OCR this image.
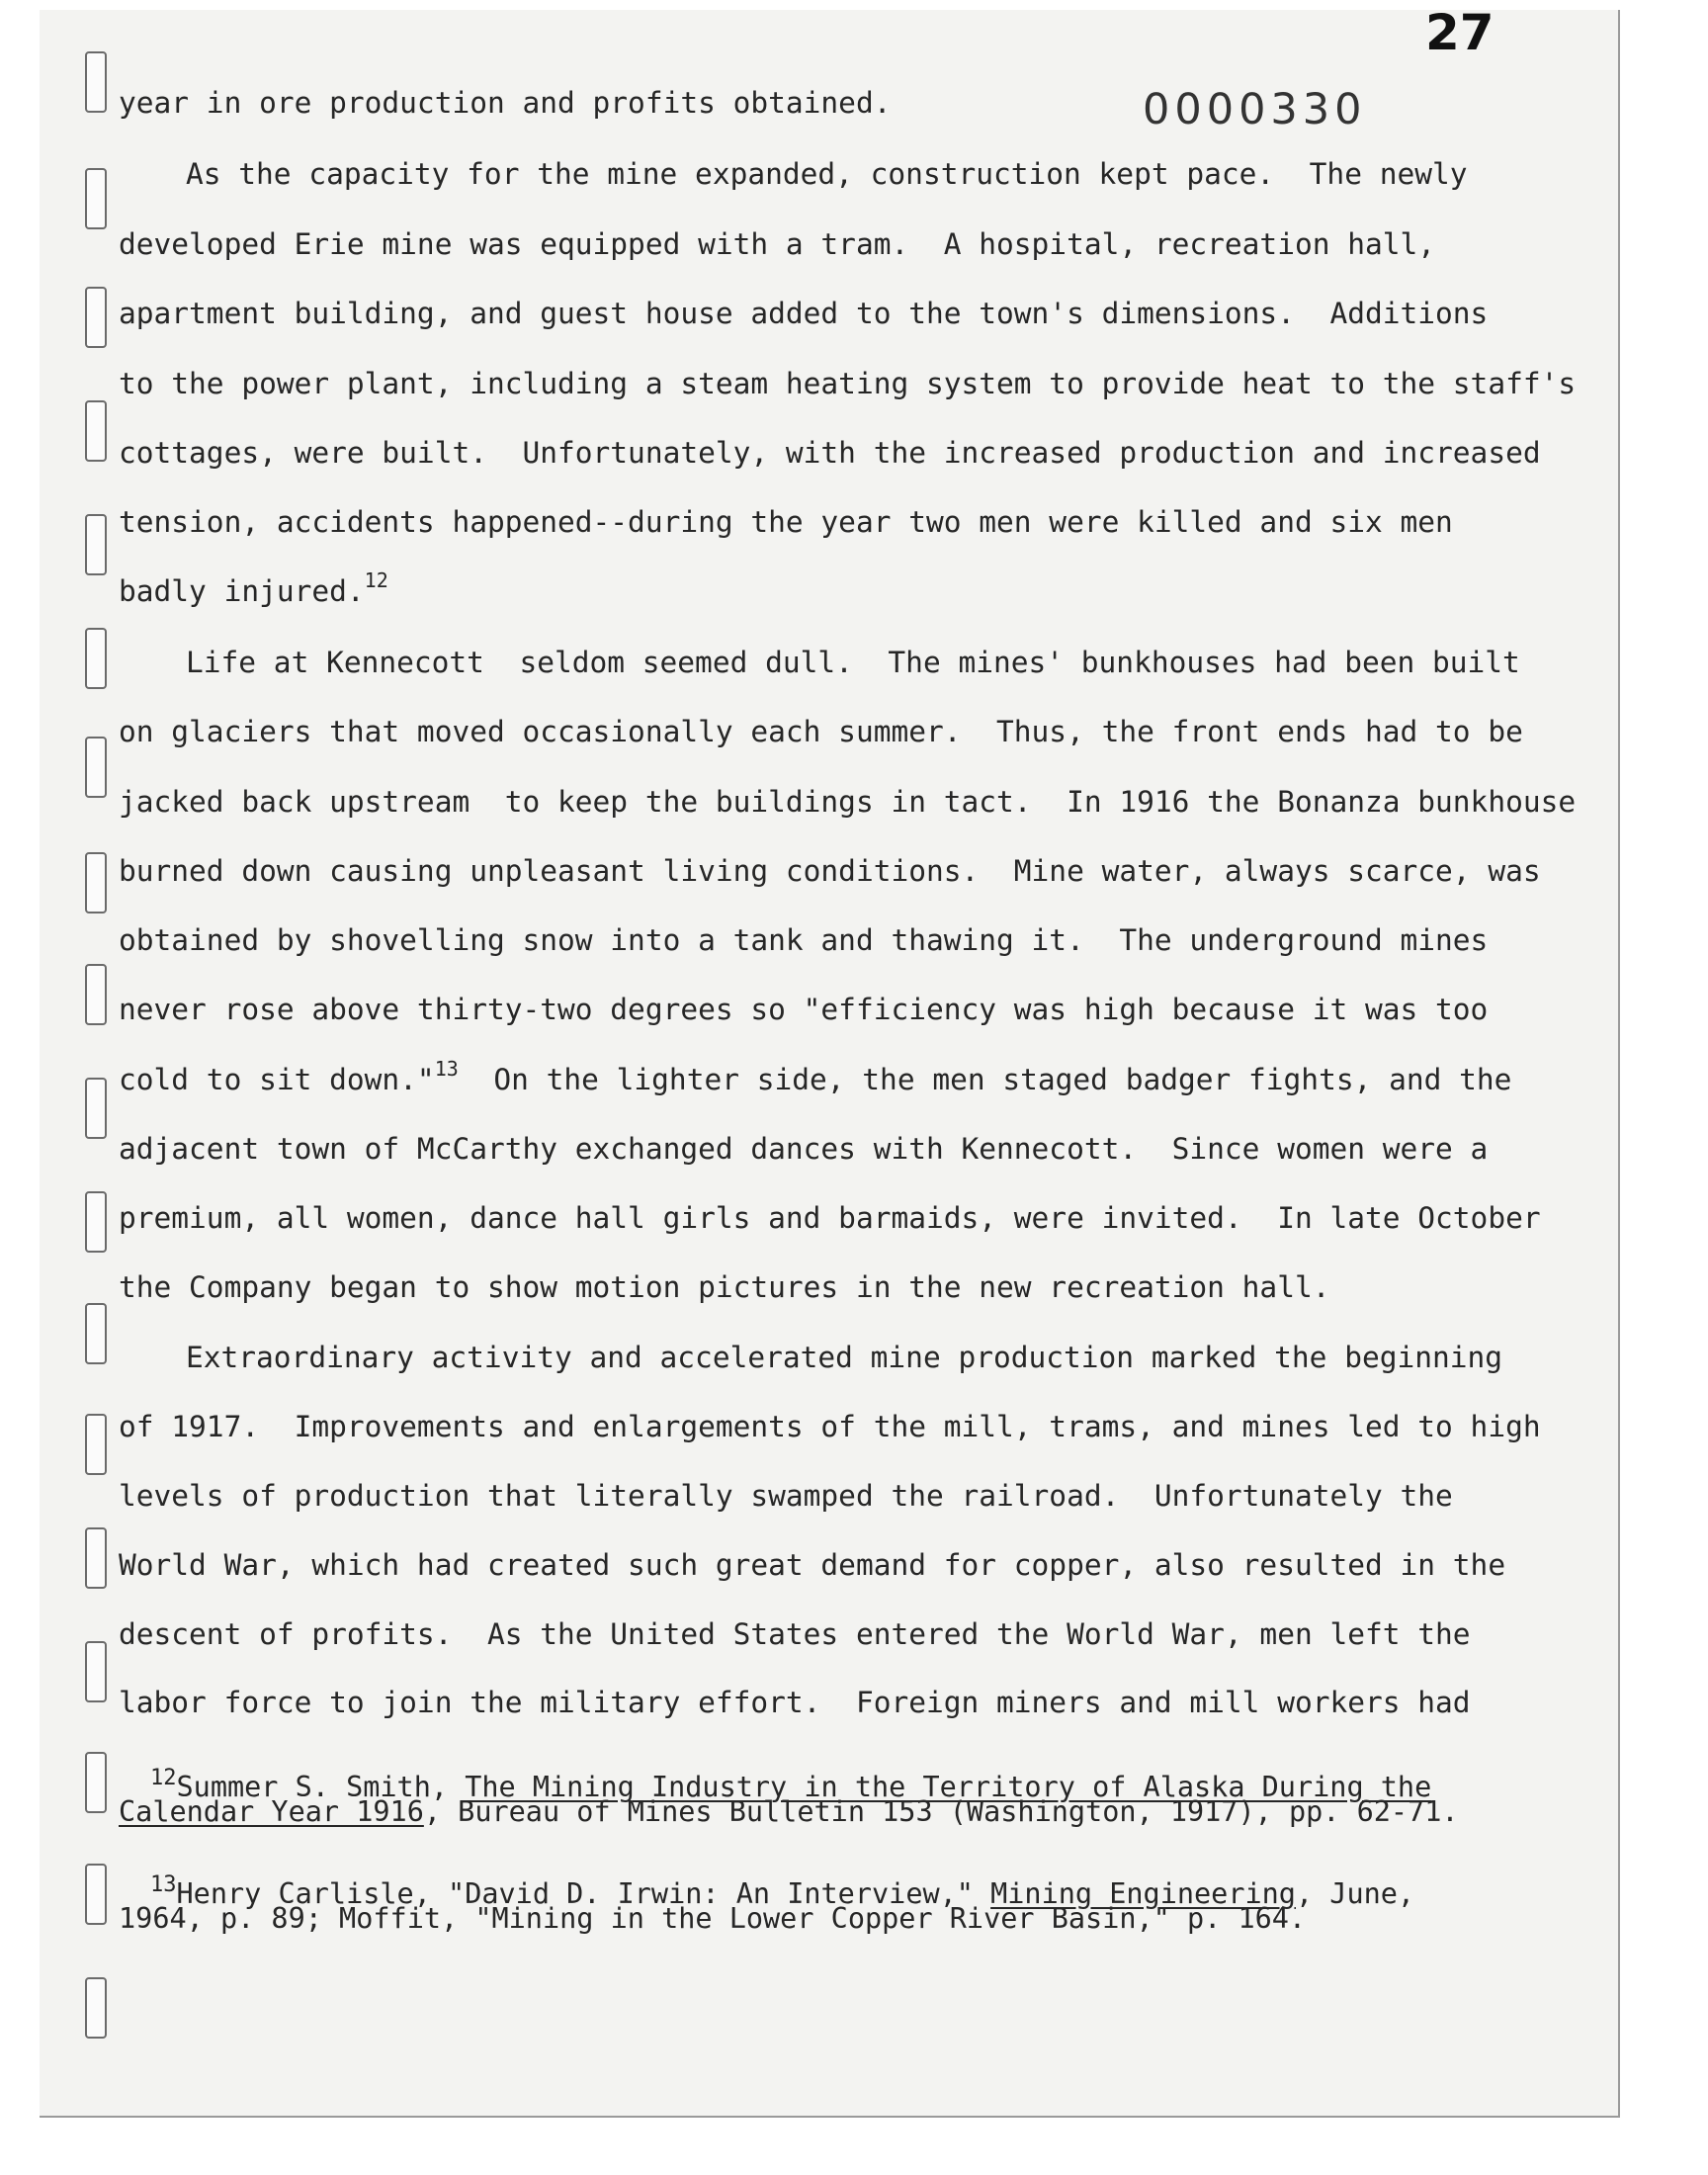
27
0000330
year in ore production and profits obtained.
As the capacity for the mine expanded, construction kept pace.  The newly
developed Erie mine was equipped with a tram.  A hospital, recreation hall,
apartment building, and guest house added to the town's dimensions.  Additions
to the power plant, including a steam heating system to provide heat to the staff's
cottages, were built.  Unfortunately, with the increased production and increased
tension, accidents happened--during the year two men were killed and six men
badly injured.$^{12}$
Life at Kennecott  seldom seemed dull.  The mines' bunkhouses had been built
on glaciers that moved occasionally each summer.  Thus, the front ends had to be
jacked back upstream  to keep the buildings in tact.  In 1916 the Bonanza bunkhouse
burned down causing unpleasant living conditions.  Mine water, always scarce, was
obtained by shovelling snow into a tank and thawing it.  The underground mines
never rose above thirty-two degrees so "efficiency was high because it was too
cold to sit down."$^{13}$ On the lighter side, the men staged badger fights, and the
adjacent town of McCarthy exchanged dances with Kennecott.  Since women were a
premium, all women, dance hall girls and barmaids, were invited.  In late October
the Company began to show motion pictures in the new recreation hall.
Extraordinary activity and accelerated mine production marked the beginning
of 1917.  Improvements and enlargements of the mill, trams, and mines led to high
levels of production that literally swamped the railroad.  Unfortunately the
World War, which had created such great demand for copper, also resulted in the
descent of profits.  As the United States entered the World War, men left the
labor force to join the military effort.  Foreign miners and mill workers had
$^{12}$Summer S. Smith, The Mining Industry in the Territory of Alaska During the
Calendar Year 1916, Bureau of Mines Bulletin 153 (Washington, 1917), pp. 62-71.
$^{13}$Henry Carlisle, "David D. Irwin: An Interview," Mining Engineering, June,
1964, p. 89; Moffit, "Mining in the Lower Copper River Basin," p. 164.
